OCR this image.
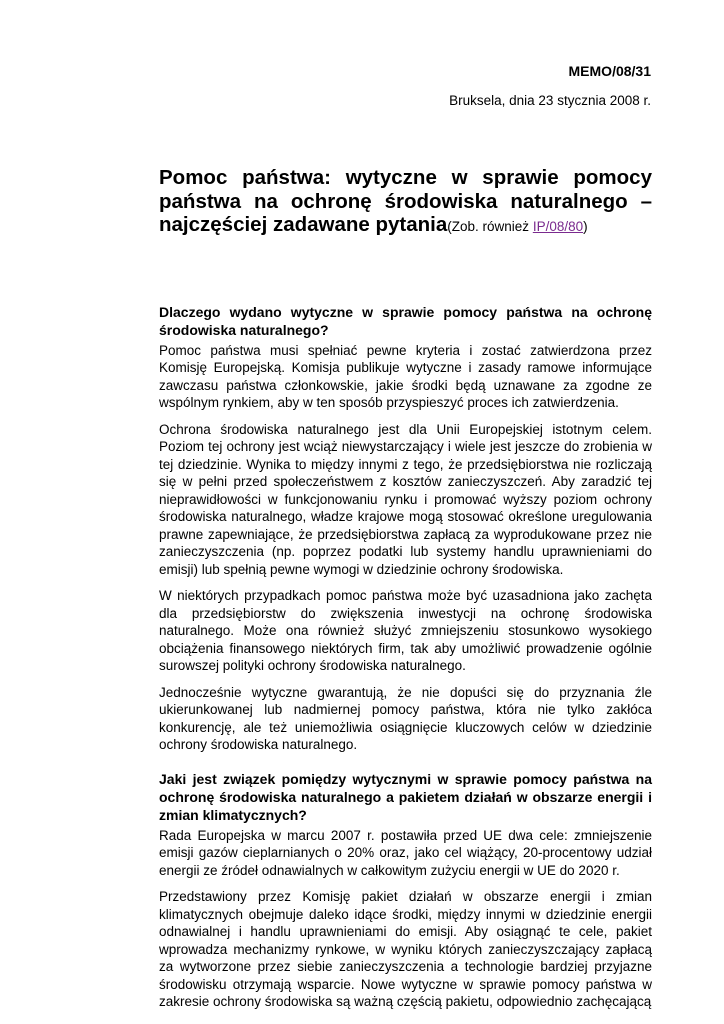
MEMO/08/31
Bruksela, dnia 23 stycznia 2008 r.
Pomoc państwa: wytyczne w sprawie pomocy państwa na ochronę środowiska naturalnego – najczęściej zadawane pytania(Zob. również IP/08/80)
Dlaczego wydano wytyczne w sprawie pomocy państwa na ochronę środowiska naturalnego?

Pomoc państwa musi spełniać pewne kryteria i zostać zatwierdzona przez Komisję Europejską. Komisja publikuje wytyczne i zasady ramowe informujące zawczasu państwa członkowskie, jakie środki będą uznawane za zgodne ze wspólnym rynkiem, aby w ten sposób przyspieszyć proces ich zatwierdzenia.

Ochrona środowiska naturalnego jest dla Unii Europejskiej istotnym celem. Poziom tej ochrony jest wciąż niewystarczający i wiele jest jeszcze do zrobienia w tej dziedzinie. Wynika to między innymi z tego, że przedsiębiorstwa nie rozliczają się w pełni przed społeczeństwem z kosztów zanieczyszczeń. Aby zaradzić tej nieprawidłowości w funkcjonowaniu rynku i promować wyższy poziom ochrony środowiska naturalnego, władze krajowe mogą stosować określone uregulowania prawne zapewniające, że przedsiębiorstwa zapłacą za wyprodukowane przez nie zanieczyszczenia (np. poprzez podatki lub systemy handlu uprawnieniami do emisji) lub spełnią pewne wymogi w dziedzinie ochrony środowiska.

W niektórych przypadkach pomoc państwa może być uzasadniona jako zachęta dla przedsiębiorstw do zwiększenia inwestycji na ochronę środowiska naturalnego. Może ona również służyć zmniejszeniu stosunkowo wysokiego obciążenia finansowego niektórych firm, tak aby umożliwić prowadzenie ogólnie surowszej polityki ochrony środowiska naturalnego.

Jednocześnie wytyczne gwarantują, że nie dopuści się do przyznania źle ukierunkowanej lub nadmiernej pomocy państwa, która nie tylko zakłóca konkurencję, ale też uniemożliwia osiągnięcie kluczowych celów w dziedzinie ochrony środowiska naturalnego.

Jaki jest związek pomiędzy wytycznymi w sprawie pomocy państwa na ochronę środowiska naturalnego a pakietem działań w obszarze energii i zmian klimatycznych?

Rada Europejska w marcu 2007 r. postawiła przed UE dwa cele: zmniejszenie emisji gazów cieplarnianych o 20% oraz, jako cel wiążący, 20-procentowy udział energii ze źródeł odnawialnych w całkowitym zużyciu energii w UE do 2020 r.

Przedstawiony przez Komisję pakiet działań w obszarze energii i zmian klimatycznych obejmuje daleko idące środki, między innymi w dziedzinie energii odnawialnej i handlu uprawnieniami do emisji. Aby osiągnąć te cele, pakiet wprowadza mechanizmy rynkowe, w wyniku których zanieczyszczający zapłacą za wytworzone przez siebie zanieczyszczenia a technologie bardziej przyjazne środowisku otrzymają wsparcie. Nowe wytyczne w sprawie pomocy państwa w zakresie ochrony środowiska są ważną częścią pakietu, odpowiednio zachęcającą
